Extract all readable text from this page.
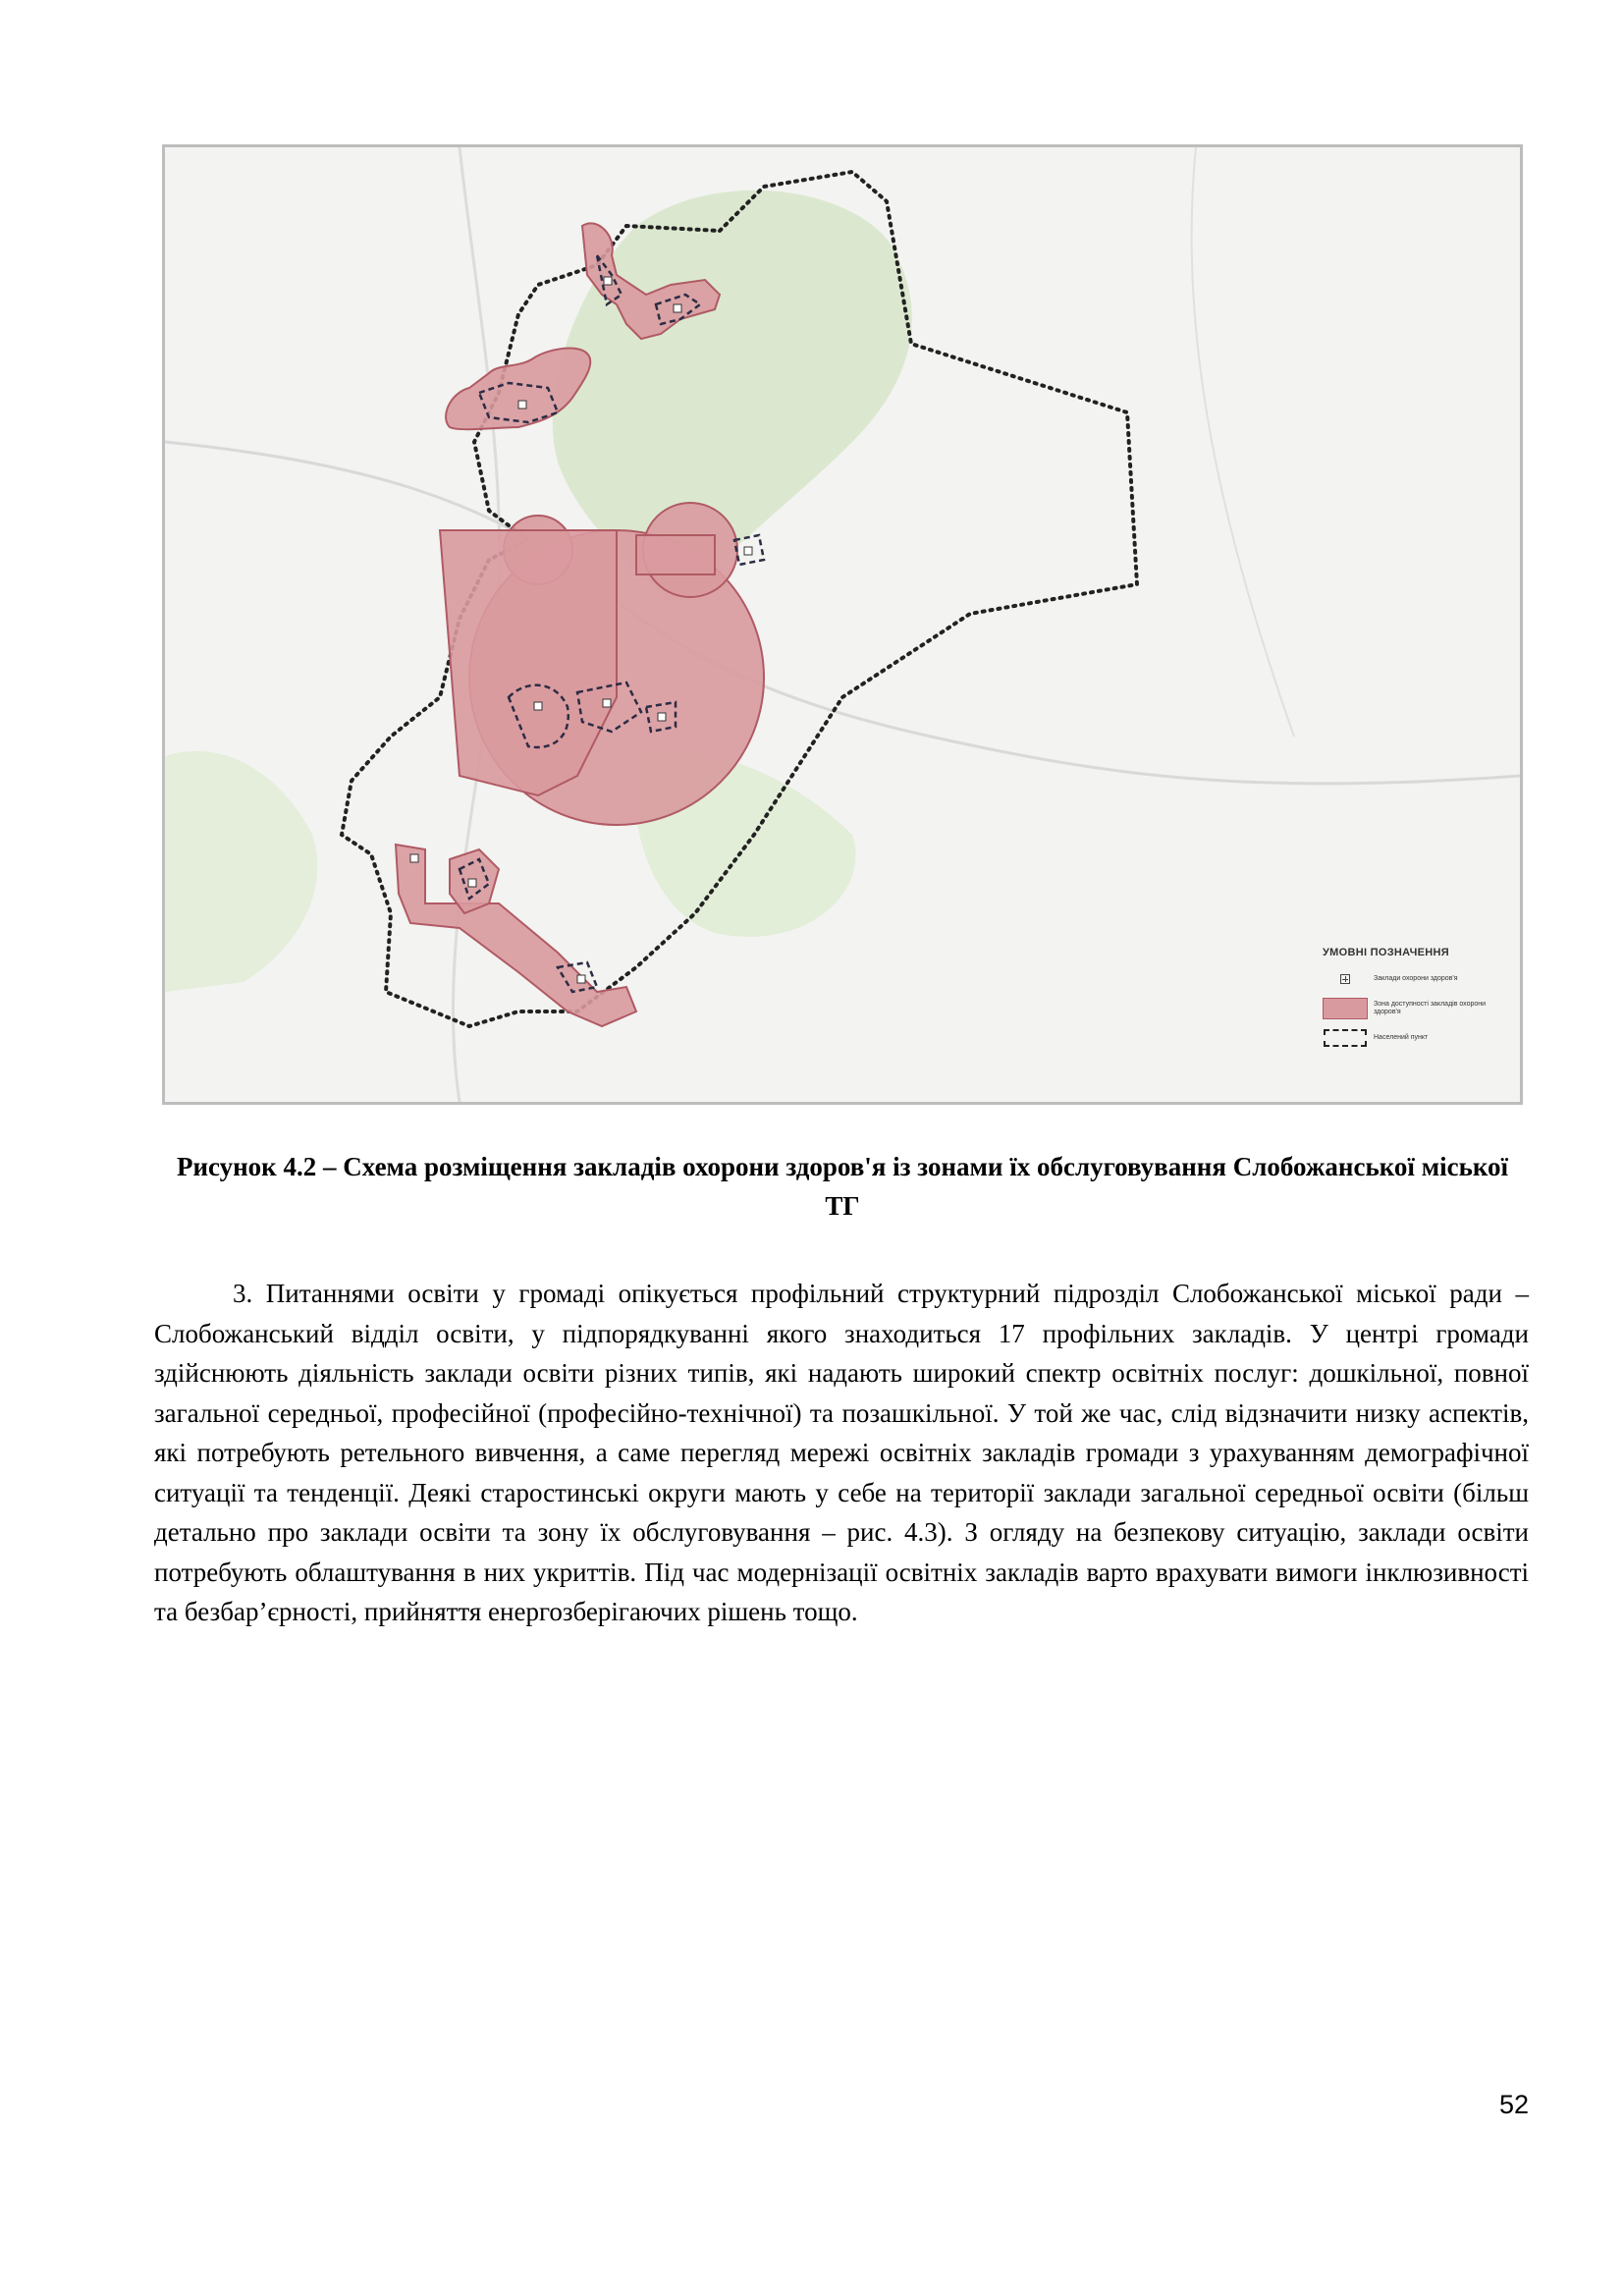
УМОВНІ ПОЗНАЧЕННЯ
Заклади охорони здоров'я
Зона доступності закладів охорони здоров'я
Населений пункт
Рисунок 4.2 – Схема розміщення закладів охорони здоров'я із зонами їх обслуговування Слобожанської міської ТГ

3. Питаннями освіти у громаді опікується профільний структурний підрозділ Слобожанської міської ради – Слобожанський відділ освіти, у підпорядкуванні якого знаходиться 17 профільних закладів. У центрі громади здійснюють діяльність заклади освіти різних типів, які надають широкий спектр освітніх послуг: дошкільної, повної загальної середньої, професійної (професійно-технічної) та позашкільної. У той же час, слід відзначити низку аспектів, які потребують ретельного вивчення, а саме перегляд мережі освітніх закладів громади з урахуванням демографічної ситуації та тенденції. Деякі старостинські округи мають у себе на території заклади загальної середньої освіти (більш детально про заклади освіти та зону їх обслуговування – рис. 4.3). З огляду на безпекову ситуацію, заклади освіти потребують облаштування в них укриттів. Під час модернізації освітніх закладів варто врахувати вимоги інклюзивності та безбар’єрності, прийняття енергозберігаючих рішень тощо.

52
